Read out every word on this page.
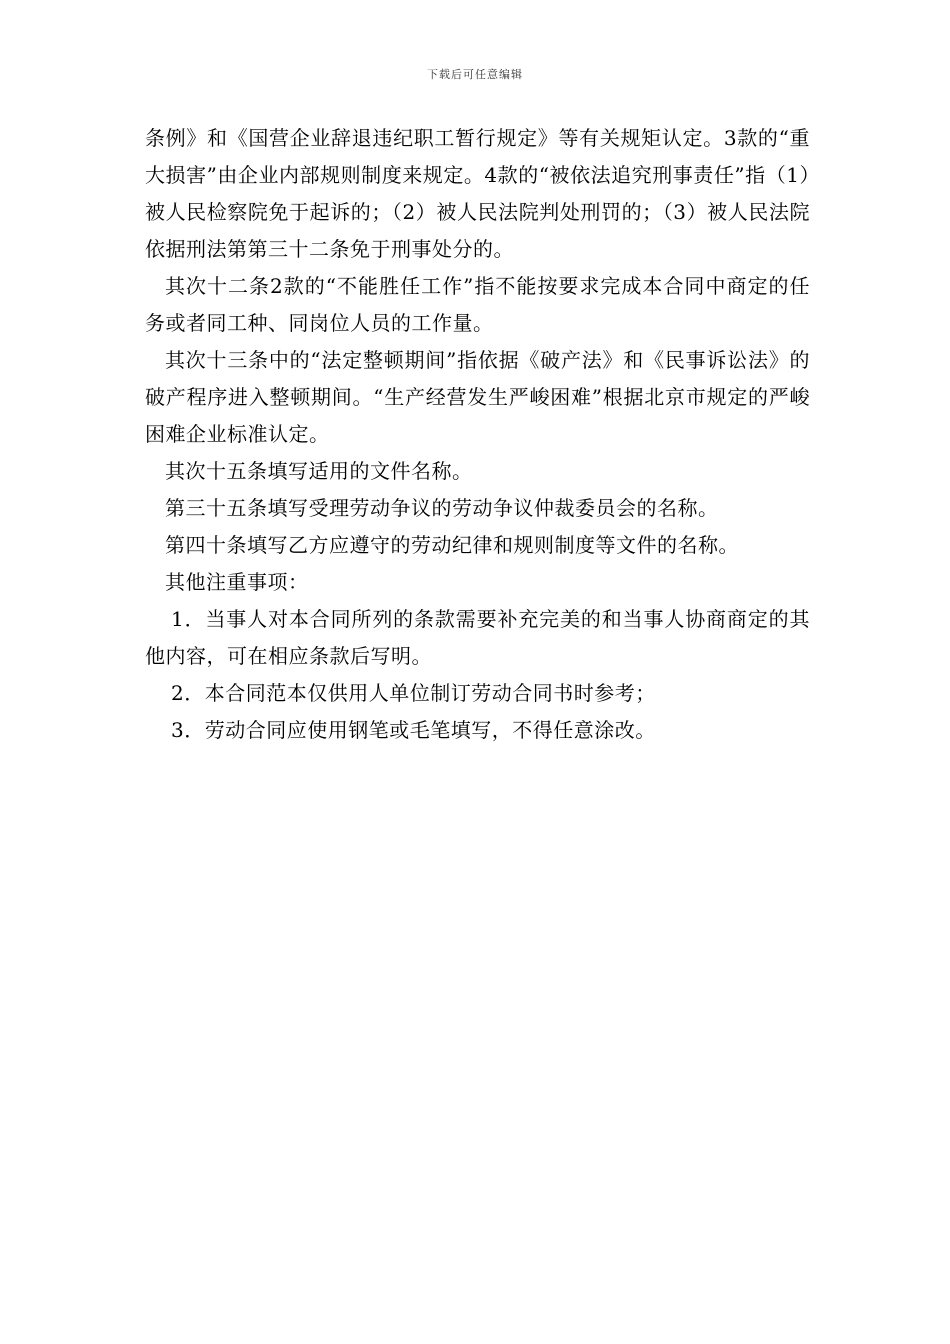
下载后可任意编辑

条例》和《国营企业辞退违纪职工暂行规定》等有关规矩认定。3款的“重大损害”由企业内部规则制度来规定。4款的“被依法追究刑事责任”指（1）被人民检察院免于起诉的；（2）被人民法院判处刑罚的；（3）被人民法院依据刑法第第三十二条免于刑事处分的。

其次十二条2款的“不能胜任工作”指不能按要求完成本合同中商定的任务或者同工种、同岗位人员的工作量。

其次十三条中的“法定整顿期间”指依据《破产法》和《民事诉讼法》的破产程序进入整顿期间。“生产经营发生严峻困难”根据北京市规定的严峻困难企业标准认定。

其次十五条填写适用的文件名称。

第三十五条填写受理劳动争议的劳动争议仲裁委员会的名称。

第四十条填写乙方应遵守的劳动纪律和规则制度等文件的名称。

其他注重事项：

1．当事人对本合同所列的条款需要补充完美的和当事人协商商定的其他内容，可在相应条款后写明。

2．本合同范本仅供用人单位制订劳动合同书时参考；

3．劳动合同应使用钢笔或毛笔填写，不得任意涂改。
